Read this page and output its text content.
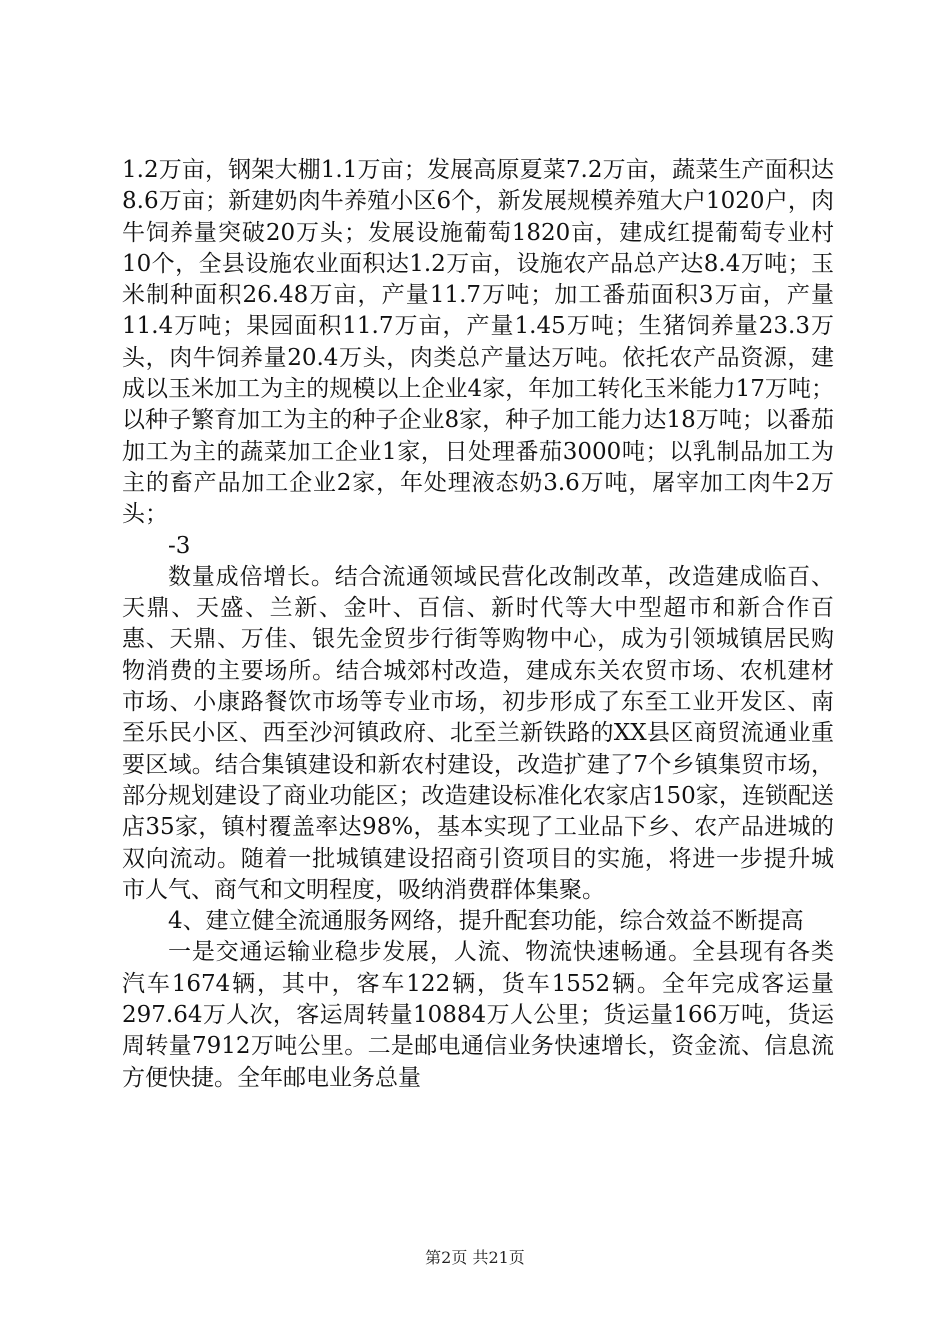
1.2万亩，钢架大棚1.1万亩；发展高原夏菜7.2万亩，蔬菜生产面积达8.6万亩；新建奶肉牛养殖小区6个，新发展规模养殖大户1020户，肉牛饲养量突破20万头；发展设施葡萄1820亩，建成红提葡萄专业村10个，全县设施农业面积达1.2万亩，设施农产品总产达8.4万吨；玉米制种面积26.48万亩，产量11.7万吨；加工番茄面积3万亩，产量11.4万吨；果园面积11.7万亩，产量1.45万吨；生猪饲养量23.3万头，肉牛饲养量20.4万头，肉类总产量达万吨。依托农产品资源，建成以玉米加工为主的规模以上企业4家，年加工转化玉米能力17万吨；以种子繁育加工为主的种子企业8家，种子加工能力达18万吨；以番茄加工为主的蔬菜加工企业1家，日处理番茄3000吨；以乳制品加工为主的畜产品加工企业2家，年处理液态奶3.6万吨，屠宰加工肉牛2万头；

-3

数量成倍增长。结合流通领域民营化改制改革，改造建成临百、天鼎、天盛、兰新、金叶、百信、新时代等大中型超市和新合作百惠、天鼎、万佳、银先金贸步行街等购物中心，成为引领城镇居民购物消费的主要场所。结合城郊村改造，建成东关农贸市场、农机建材市场、小康路餐饮市场等专业市场，初步形成了东至工业开发区、南至乐民小区、西至沙河镇政府、北至兰新铁路的XX县区商贸流通业重要区域。结合集镇建设和新农村建设，改造扩建了7个乡镇集贸市场，部分规划建设了商业功能区；改造建设标准化农家店150家，连锁配送店35家，镇村覆盖率达98%，基本实现了工业品下乡、农产品进城的双向流动。随着一批城镇建设招商引资项目的实施，将进一步提升城市人气、商气和文明程度，吸纳消费群体集聚。

4、建立健全流通服务网络，提升配套功能，综合效益不断提高

一是交通运输业稳步发展，人流、物流快速畅通。全县现有各类汽车1674辆，其中，客车122辆，货车1552辆。全年完成客运量297.64万人次，客运周转量10884万人公里；货运量166万吨，货运周转量7912万吨公里。二是邮电通信业务快速增长，资金流、信息流方便快捷。全年邮电业务总量

第2页 共21页
